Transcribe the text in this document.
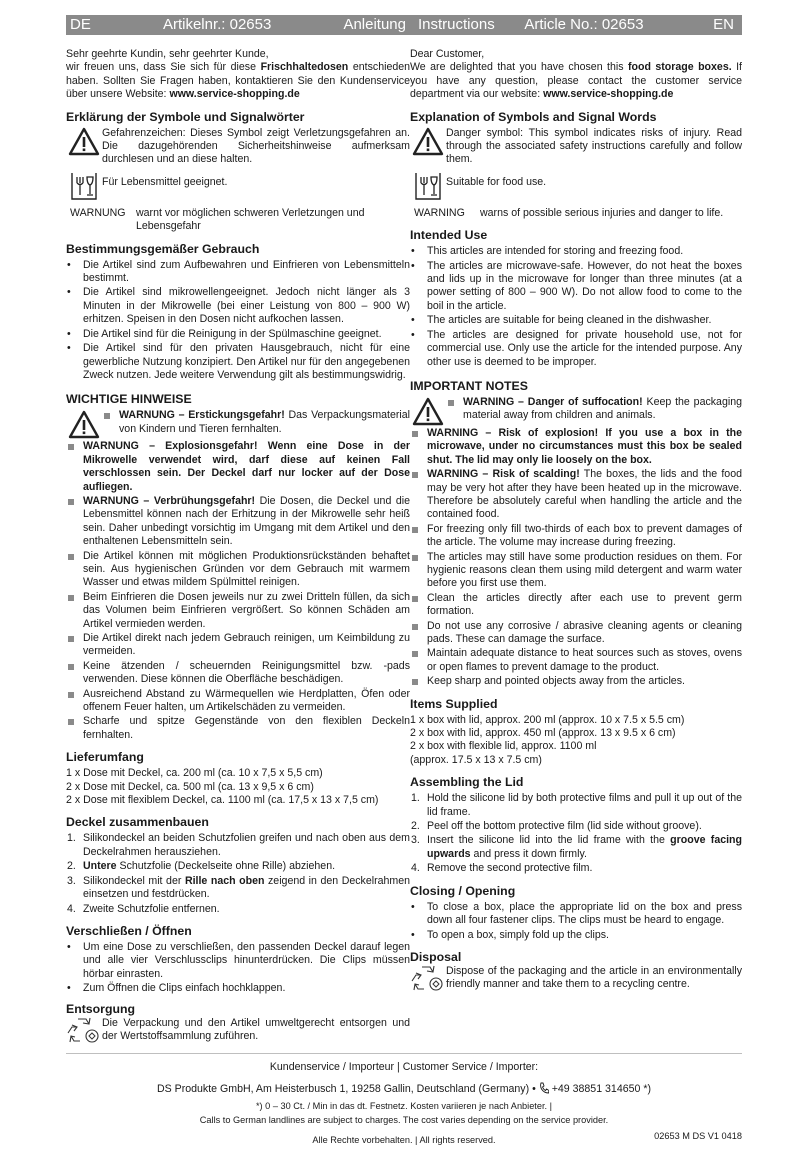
DE	Artikelnr.: 02653	Anleitung

Sehr geehrte Kundin, sehr geehrter Kunde,

wir freuen uns, dass Sie sich für diese Frischhaltedosen entschieden haben. Sollten Sie Fragen haben, kontaktieren Sie den Kundenservice über unsere Website: www.service-shopping.de

Erklärung der Symbole und Signalwörter
Gefahrenzeichen: Dieses Symbol zeigt Verletzungsgefahren an. Die dazugehörenden Sicherheitshinweise aufmerksam durchlesen und an diese halten.
Für Lebensmittel geeignet.
WARNUNG warnt vor möglichen schweren Verletzungen und Lebensgefahr
Bestimmungsgemäßer Gebrauch
• Die Artikel sind zum Aufbewahren und Einfrieren von Lebensmitteln bestimmt.
• Die Artikel sind mikrowellengeeignet. Jedoch nicht länger als 3 Minuten in der Mikrowelle (bei einer Leistung von 800 – 900 W) erhitzen. Speisen in den Dosen nicht aufkochen lassen.
• Die Artikel sind für die Reinigung in der Spülmaschine geeignet.
• Die Artikel sind für den privaten Hausgebrauch, nicht für eine gewerbliche Nutzung konzipiert. Den Artikel nur für den angegebenen Zweck nutzen. Jede weitere Verwendung gilt als bestimmungswidrig.
WICHTIGE HINWEISE
WARNUNG – Erstickungsgefahr! Das Verpackungsmaterial von Kindern und Tieren fernhalten.
WARNUNG – Explosionsgefahr! Wenn eine Dose in der Mikrowelle verwendet wird, darf diese auf keinen Fall verschlossen sein. Der Deckel darf nur locker auf der Dose aufliegen.
WARNUNG – Verbrühungsgefahr! Die Dosen, die Deckel und die Lebensmittel können nach der Erhitzung in der Mikrowelle sehr heiß sein. Daher unbedingt vorsichtig im Umgang mit dem Artikel und den enthaltenen Lebensmitteln sein.
Die Artikel können mit möglichen Produktionsrückständen behaftet sein. Aus hygienischen Gründen vor dem Gebrauch mit warmem Wasser und etwas mildem Spülmittel reinigen.
Beim Einfrieren die Dosen jeweils nur zu zwei Dritteln füllen, da sich das Volumen beim Einfrieren vergrößert. So können Schäden am Artikel vermieden werden.
Die Artikel direkt nach jedem Gebrauch reinigen, um Keimbildung zu vermeiden.
Keine ätzenden / scheuernden Reinigungsmittel bzw. -pads verwenden. Diese können die Oberfläche beschädigen.
Ausreichend Abstand zu Wärmequellen wie Herdplatten, Öfen oder offenem Feuer halten, um Artikelschäden zu vermeiden.
Scharfe und spitze Gegenstände von den flexiblen Deckeln fernhalten.
Lieferumfang
1 x Dose mit Deckel, ca. 200 ml (ca. 10 x 7,5 x 5,5 cm)
2 x Dose mit Deckel, ca. 500 ml (ca. 13 x 9,5 x 6 cm)
2 x Dose mit flexiblem Deckel, ca. 1100 ml (ca. 17,5 x 13 x 7,5 cm)
Deckel zusammenbauen
1. Silikondeckel an beiden Schutzfolien greifen und nach oben aus dem Deckelrahmen herausziehen.
2. Untere Schutzfolie (Deckelseite ohne Rille) abziehen.
3. Silikondeckel mit der Rille nach oben zeigend in den Deckelrahmen einsetzen und festdrücken.
4. Zweite Schutzfolie entfernen.
Verschließen / Öffnen
• Um eine Dose zu verschließen, den passenden Deckel darauf legen und alle vier Verschlussclips hinunterdrücken. Die Clips müssen hörbar einrasten.
• Zum Öffnen die Clips einfach hochklappen.
Entsorgung
Die Verpackung und den Artikel umweltgerecht entsorgen und der Wertstoffsammlung zuführen.
Instructions Article No.: 02653	EN

Dear Customer,

We are delighted that you have chosen this food storage boxes. If you have any question, please contact the customer service department via our website: www.service-shopping.de

Explanation of Symbols and Signal Words
Danger symbol: This symbol indicates risks of injury. Read through the associated safety instructions carefully and follow them.
Suitable for food use.
WARNING	warns of possible serious injuries and danger to life.
Intended Use
• This articles are intended for storing and freezing food.
• The articles are microwave-safe. However, do not heat the boxes and lids up in the microwave for longer than three minutes (at a power setting of 800 – 900 W). Do not allow food to come to the boil in the article.
• The articles are suitable for being cleaned in the dishwasher.
• The articles are designed for private household use, not for commercial use. Only use the article for the intended purpose. Any other use is deemed to be improper.
IMPORTANT NOTES
WARNING – Danger of suffocation! Keep the packaging material away from children and animals.
WARNING – Risk of explosion! If you use a box in the microwave, under no circumstances must this box be sealed shut. The lid may only lie loosely on the box.
WARNING – Risk of scalding! The boxes, the lids and the food may be very hot after they have been heated up in the microwave. Therefore be absolutely careful when handling the article and the contained food.
For freezing only fill two-thirds of each box to prevent damages of the article. The volume may increase during freezing.
The articles may still have some production residues on them. For hygienic reasons clean them using mild detergent and warm water before you first use them.
Clean the articles directly after each use to prevent germ formation.
Do not use any corrosive / abrasive cleaning agents or cleaning pads. These can damage the surface.
Maintain adequate distance to heat sources such as stoves, ovens or open flames to prevent damage to the product.
Keep sharp and pointed objects away from the articles.
Items Supplied
1 x box with lid, approx. 200 ml (approx. 10 x 7.5 x 5.5 cm)
2 x box with lid, approx. 450 ml (approx. 13 x 9.5 x 6 cm)
2 x box with flexible lid, approx. 1100 ml
(approx. 17.5 x 13 x 7.5 cm)
Assembling the Lid
1. Hold the silicone lid by both protective films and pull it up out of the lid frame.
2. Peel off the bottom protective film (lid side without groove).
3. Insert the silicone lid into the lid frame with the groove facing upwards and press it down firmly.
4. Remove the second protective film.
Closing / Opening
• To close a box, place the appropriate lid on the box and press down all four fastener clips. The clips must be heard to engage.
• To open a box, simply fold up the clips.
Disposal
Dispose of the packaging and the article in an environmentally friendly manner and take them to a recycling centre.
Kundenservice / Importeur | Customer Service / Importer:
DS Produkte GmbH, Am Heisterbusch 1, 19258 Gallin, Deutschland (Germany) •
+49 38851 314650 *)
*) 0 – 30 Ct. / Min in das dt. Festnetz. Kosten variieren je nach Anbieter. |
Calls to German landlines are subject to charges. The cost varies depending on the service provider.
Alle Rechte vorbehalten. | All rights reserved.	02653 M DS V1 0418
